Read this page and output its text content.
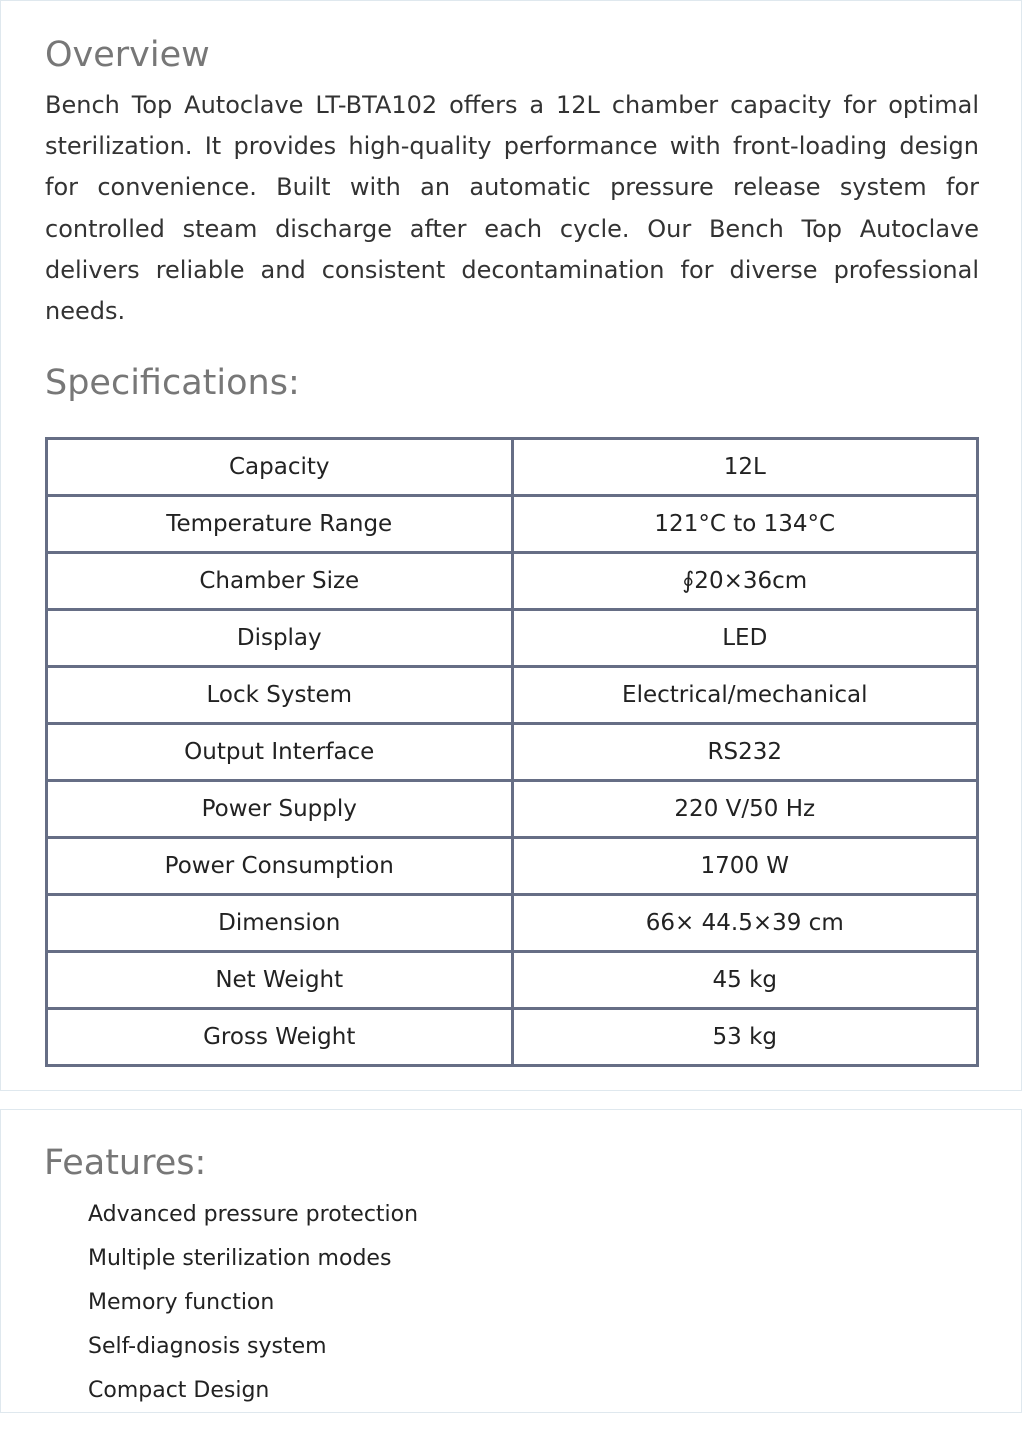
Overview

Bench Top Autoclave LT-BTA102 offers a 12L chamber capacity for optimal sterilization. It provides high-quality performance with front-loading design for convenience. Built with an automatic pressure release system for controlled steam discharge after each cycle. Our Bench Top Autoclave delivers reliable and consistent decontamination for diverse professional needs.

Specifications:
Capacity	12L
Temperature Range	121°C to 134°C
Chamber Size	∮20×36cm
Display	LED
Lock System	Electrical/mechanical
Output Interface	RS232
Power Supply	220 V/50 Hz
Power Consumption	1700 W
Dimension	66× 44.5×39 cm
Net Weight	45 kg
Gross Weight	53 kg
Features:
Advanced pressure protection
Multiple sterilization modes
Memory function
Self-diagnosis system
Compact Design
